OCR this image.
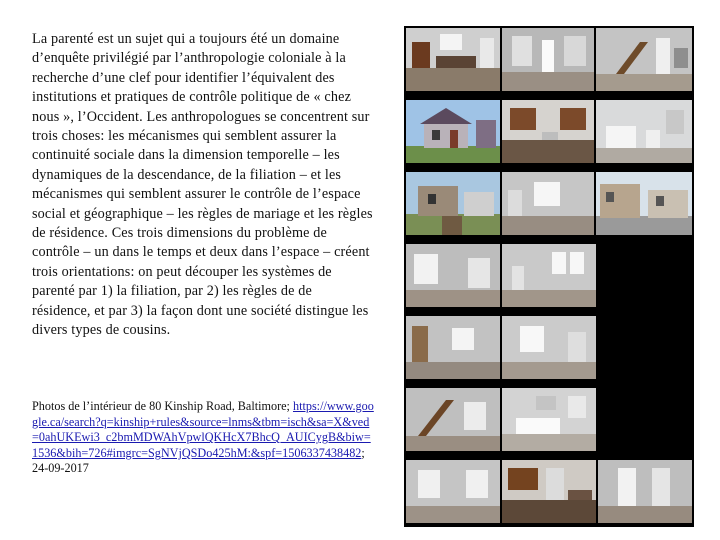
La parenté est un sujet qui a toujours été un domaine d’enquête privilégié par l’anthropologie coloniale à la recherche d’une clef pour identifier l’équivalent des institutions et pratiques de contrôle politique de « chez nous », l’Occident. Les anthropologues se concentrent sur trois choses: les mécanismes qui semblent assurer la continuité sociale dans la dimension temporelle – les dynamiques de la descendance, de la filiation – et les mécanismes qui semblent assurer le contrôle de l’espace social et géographique – les règles de mariage et les règles de résidence. Ces trois dimensions du problème de contrôle – un dans le temps et deux dans l’espace – créent trois orientations: on peut découper les systèmes de parenté par 1) la filiation, par 2) les règles de de résidence, et par 3) la façon dont une société distingue les divers types de cousins.

Photos de l’intérieur de 80 Kinship Road, Baltimore; https://www.google.ca/search?q=kinship+rules&source=lnms&tbm=isch&sa=X&ved=0ahUKEwi3_c2bmMDWAhVpwlQKHcX7BhcQ_AUICygB&biw=1536&bih=726#imgrc=SgNVjQSDo425hM:&spf=1506337438482; 24-09-2017
